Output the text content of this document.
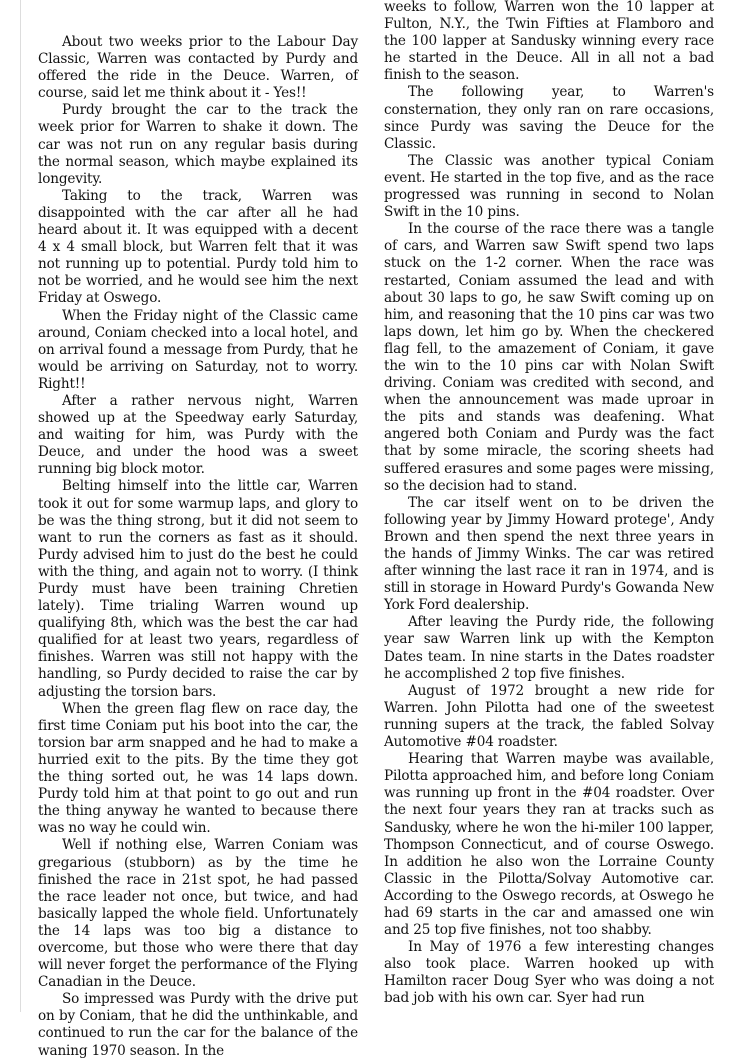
About two weeks prior to the Labour Day Classic, Warren was contacted by Purdy and offered the ride in the Deuce. Warren, of course, said let me think about it - Yes!!

Purdy brought the car to the track the week prior for Warren to shake it down. The car was not run on any regular basis during the normal season, which maybe explained its longevity.

Taking to the track, Warren was disappointed with the car after all he had heard about it. It was equipped with a decent 4 x 4 small block, but Warren felt that it was not running up to potential. Purdy told him to not be worried, and he would see him the next Friday at Oswego.

When the Friday night of the Classic came around, Coniam checked into a local hotel, and on arrival found a message from Purdy, that he would be arriving on Saturday, not to worry. Right!!

After a rather nervous night, Warren showed up at the Speedway early Saturday, and waiting for him, was Purdy with the Deuce, and under the hood was a sweet running big block motor.

Belting himself into the little car, Warren took it out for some warmup laps, and glory to be was the thing strong, but it did not seem to want to run the corners as fast as it should. Purdy advised him to just do the best he could with the thing, and again not to worry. (I think Purdy must have been training Chretien lately). Time trialing Warren wound up qualifying 8th, which was the best the car had qualified for at least two years, regardless of finishes. Warren was still not happy with the handling, so Purdy decided to raise the car by adjusting the torsion bars.

When the green flag flew on race day, the first time Coniam put his boot into the car, the torsion bar arm snapped and he had to make a hurried exit to the pits. By the time they got the thing sorted out, he was 14 laps down. Purdy told him at that point to go out and run the thing anyway he wanted to because there was no way he could win.

Well if nothing else, Warren Coniam was gregarious (stubborn) as by the time he finished the race in 21st spot, he had passed the race leader not once, but twice, and had basically lapped the whole field. Unfortunately the 14 laps was too big a distance to overcome, but those who were there that day will never forget the performance of the Flying Canadian in the Deuce.

So impressed was Purdy with the drive put on by Coniam, that he did the unthinkable, and continued to run the car for the balance of the waning 1970 season. In the

weeks to follow, Warren won the 10 lapper at Fulton, N.Y., the Twin Fifties at Flamboro and the 100 lapper at Sandusky winning every race he started in the Deuce. All in all not a bad finish to the season.

The following year, to Warren's consternation, they only ran on rare occasions, since Purdy was saving the Deuce for the Classic.

The Classic was another typical Coniam event. He started in the top five, and as the race progressed was running in second to Nolan Swift in the 10 pins.

In the course of the race there was a tangle of cars, and Warren saw Swift spend two laps stuck on the 1-2 corner. When the race was restarted, Coniam assumed the lead and with about 30 laps to go, he saw Swift coming up on him, and reasoning that the 10 pins car was two laps down, let him go by. When the checkered flag fell, to the amazement of Coniam, it gave the win to the 10 pins car with Nolan Swift driving. Coniam was credited with second, and when the announcement was made uproar in the pits and stands was deafening. What angered both Coniam and Purdy was the fact that by some miracle, the scoring sheets had suffered erasures and some pages were missing, so the decision had to stand.

The car itself went on to be driven the following year by Jimmy Howard protege', Andy Brown and then spend the next three years in the hands of Jimmy Winks. The car was retired after winning the last race it ran in 1974, and is still in storage in Howard Purdy's Gowanda New York Ford dealership.

After leaving the Purdy ride, the following year saw Warren link up with the Kempton Dates team. In nine starts in the Dates roadster he accomplished 2 top five finishes.

August of 1972 brought a new ride for Warren. John Pilotta had one of the sweetest running supers at the track, the fabled Solvay Automotive #04 roadster.

Hearing that Warren maybe was available, Pilotta approached him, and before long Coniam was running up front in the #04 roadster. Over the next four years they ran at tracks such as Sandusky, where he won the hi-miler 100 lapper, Thompson Connecticut, and of course Oswego. In addition he also won the Lorraine County Classic in the Pilotta/Solvay Automotive car. According to the Oswego records, at Oswego he had 69 starts in the car and amassed one win and 25 top five finishes, not too shabby.

In May of 1976 a few interesting changes also took place. Warren hooked up with Hamilton racer Doug Syer who was doing a not bad job with his own car. Syer had run
